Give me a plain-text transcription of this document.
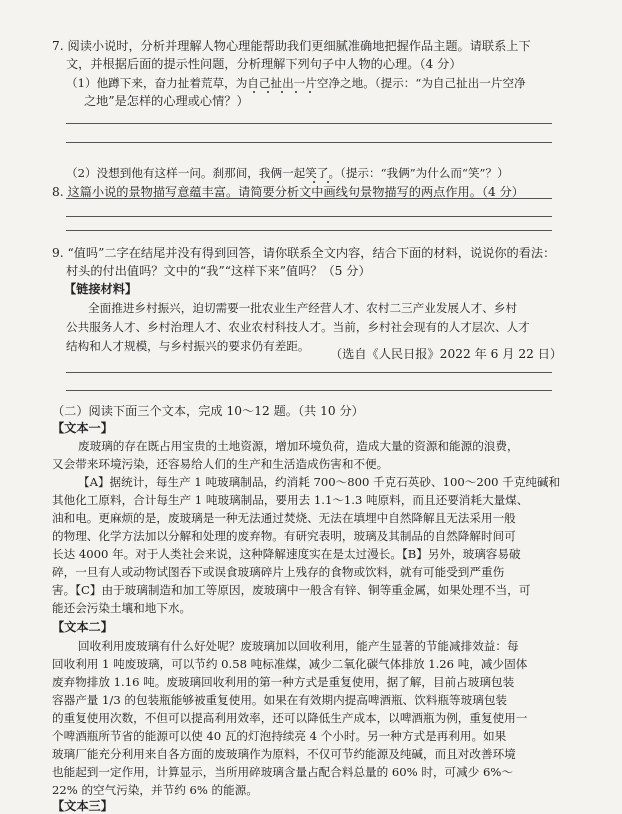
7. 阅读小说时，分析并理解人物心理能帮助我们更细腻准确地把握作品主题。请联系上下
文，并根据后面的提示性问题，分析理解下列句子中人物的心理。（4 分）
（1）他蹲下来，奋力扯着荒草，为自己扯出一片空净之地。（提示：“为自己扯出一片空净
之地”是怎样的心理或心情？）
（2）没想到他有这样一问。刹那间，我俩一起笑了。（提示：“我俩”为什么而“笑”？）
8. 这篇小说的景物描写意蕴丰富。请简要分析文中画线句景物描写的两点作用。（4 分）
9. “值吗”二字在结尾并没有得到回答，请你联系全文内容，结合下面的材料，说说你的看法：
村头的付出值吗？文中的“我”“这样下来”值吗？（5 分）
【链接材料】
全面推进乡村振兴，迫切需要一批农业生产经营人才、农村二三产业发展人才、乡村
公共服务人才、乡村治理人才、农业农村科技人才。当前，乡村社会现有的人才层次、人才
结构和人才规模，与乡村振兴的要求仍有差距。
（选自《人民日报》2022 年 6 月 22 日）
（二）阅读下面三个文本，完成 10～12 题。（共 10 分）
【文本一】
废玻璃的存在既占用宝贵的土地资源，增加环境负荷，造成大量的资源和能源的浪费，
又会带来环境污染，还容易给人们的生产和生活造成伤害和不便。
【A】据统计，每生产 1 吨玻璃制品，约消耗 700～800 千克石英砂、100～200 千克纯碱和
其他化工原料，合计每生产 1 吨玻璃制品，要用去 1.1～1.3 吨原料，而且还要消耗大量煤、
油和电。更麻烦的是，废玻璃是一种无法通过焚烧、无法在填埋中自然降解且无法采用一般
的物理、化学方法加以分解和处理的废弃物。有研究表明，玻璃及其制品的自然降解时间可
长达 4000 年。对于人类社会来说，这种降解速度实在是太过漫长。【B】另外，玻璃容易破
碎，一旦有人或动物试图吞下或误食玻璃碎片上残存的食物或饮料，就有可能受到严重伤
害。【C】由于玻璃制造和加工等原因，废玻璃中一般含有锌、铜等重金属，如果处理不当，可
能还会污染土壤和地下水。
【文本二】
回收利用废玻璃有什么好处呢？废玻璃加以回收利用，能产生显著的节能减排效益：每
回收利用 1 吨废玻璃，可以节约 0.58 吨标准煤，减少二氧化碳气体排放 1.26 吨，减少固体
废弃物排放 1.16 吨。废玻璃回收利用的第一种方式是重复使用，据了解，目前占玻璃包装
容器产量 1/3 的包装瓶能够被重复使用。如果在有效期内提高啤酒瓶、饮料瓶等玻璃包装
的重复使用次数，不但可以提高利用效率，还可以降低生产成本，以啤酒瓶为例，重复使用一
个啤酒瓶所节省的能源可以使 40 瓦的灯泡持续亮 4 个小时。另一种方式是再利用。如果
玻璃厂能充分利用来自各方面的废玻璃作为原料，不仅可节约能源及纯碱，而且对改善环境
也能起到一定作用，计算显示，当所用碎玻璃含量占配合料总量的 60% 时，可减少 6%～
22% 的空气污染，并节约 6% 的能源。
【文本三】
